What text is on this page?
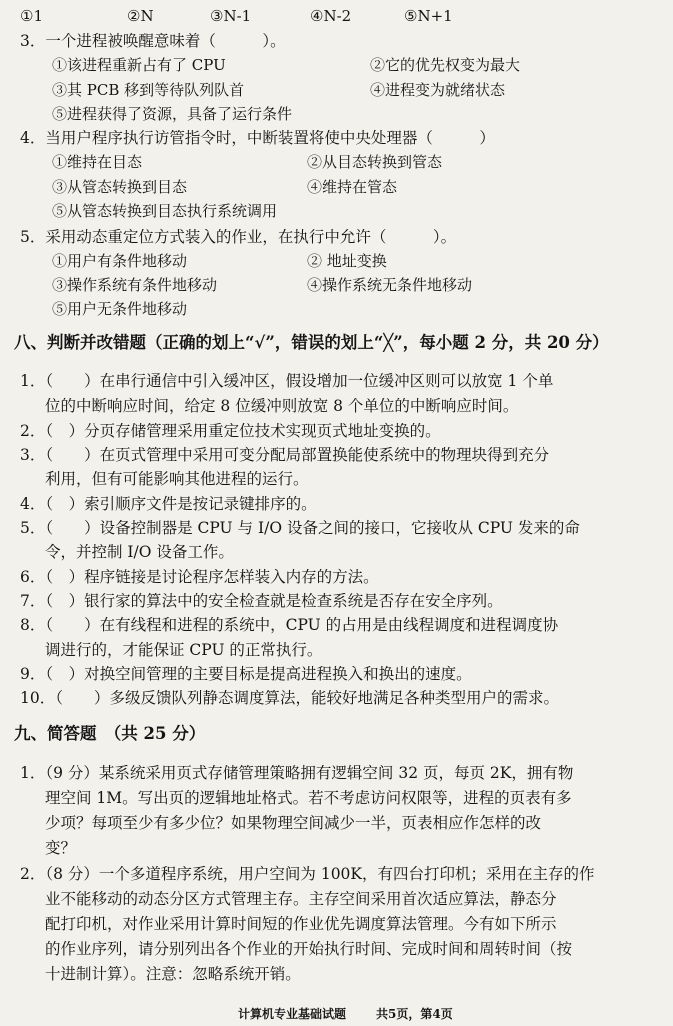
①1	②N	③N-1	④N-2	⑤N+1
3．一个进程被唤醒意味着（　　　）。
①该进程重新占有了 CPU	②它的优先权变为最大
③其 PCB 移到等待队列队首	④进程变为就绪状态
⑤进程获得了资源，具备了运行条件
4．当用户程序执行访管指令时，中断装置将使中央处理器（　　　）
①维持在目态	②从目态转换到管态
③从管态转换到目态	④维持在管态
⑤从管态转换到目态执行系统调用
5．采用动态重定位方式装入的作业，在执行中允许（　　　）。
①用户有条件地移动	② 地址变换
③操作系统有条件地移动	④操作系统无条件地移动
⑤用户无条件地移动
八、判断并改错题（正确的划上“√”，错误的划上“╳”，每小题 2 分，共 20 分）
1．（　　）在串行通信中引入缓冲区，假设增加一位缓冲区则可以放宽 1 个单
位的中断响应时间，给定 8 位缓冲则放宽 8 个单位的中断响应时间。
2．（　）分页存储管理采用重定位技术实现页式地址变换的。
3．（　　）在页式管理中采用可变分配局部置换能使系统中的物理块得到充分
利用，但有可能影响其他进程的运行。
4．（　）索引顺序文件是按记录键排序的。
5．（　　）设备控制器是 CPU 与 I/O 设备之间的接口，它接收从 CPU 发来的命
令，并控制 I/O 设备工作。
6．（　）程序链接是讨论程序怎样装入内存的方法。
7．（　）银行家的算法中的安全检查就是检查系统是否存在安全序列。
8．（　　）在有线程和进程的系统中，CPU 的占用是由线程调度和进程调度协
调进行的，才能保证 CPU 的正常执行。
9．（　）对换空间管理的主要目标是提高进程换入和换出的速度。
10．（　　）多级反馈队列静态调度算法，能较好地满足各种类型用户的需求。
九、简答题　（共 25 分）
1．（9 分）某系统采用页式存储管理策略拥有逻辑空间 32 页，每页 2K，拥有物
理空间 1M。写出页的逻辑地址格式。若不考虑访问权限等，进程的页表有多
少项？每项至少有多少位？如果物理空间减少一半，页表相应作怎样的改
变？
2．（8 分）一个多道程序系统，用户空间为 100K，有四台打印机；采用在主存的作
业不能移动的动态分区方式管理主存。主存空间采用首次适应算法，静态分
配打印机，对作业采用计算时间短的作业优先调度算法管理。今有如下所示
的作业序列，请分别列出各个作业的开始执行时间、完成时间和周转时间（按
十进制计算）。注意：忽略系统开销。
计算机专业基础试题 共5页，第4页
